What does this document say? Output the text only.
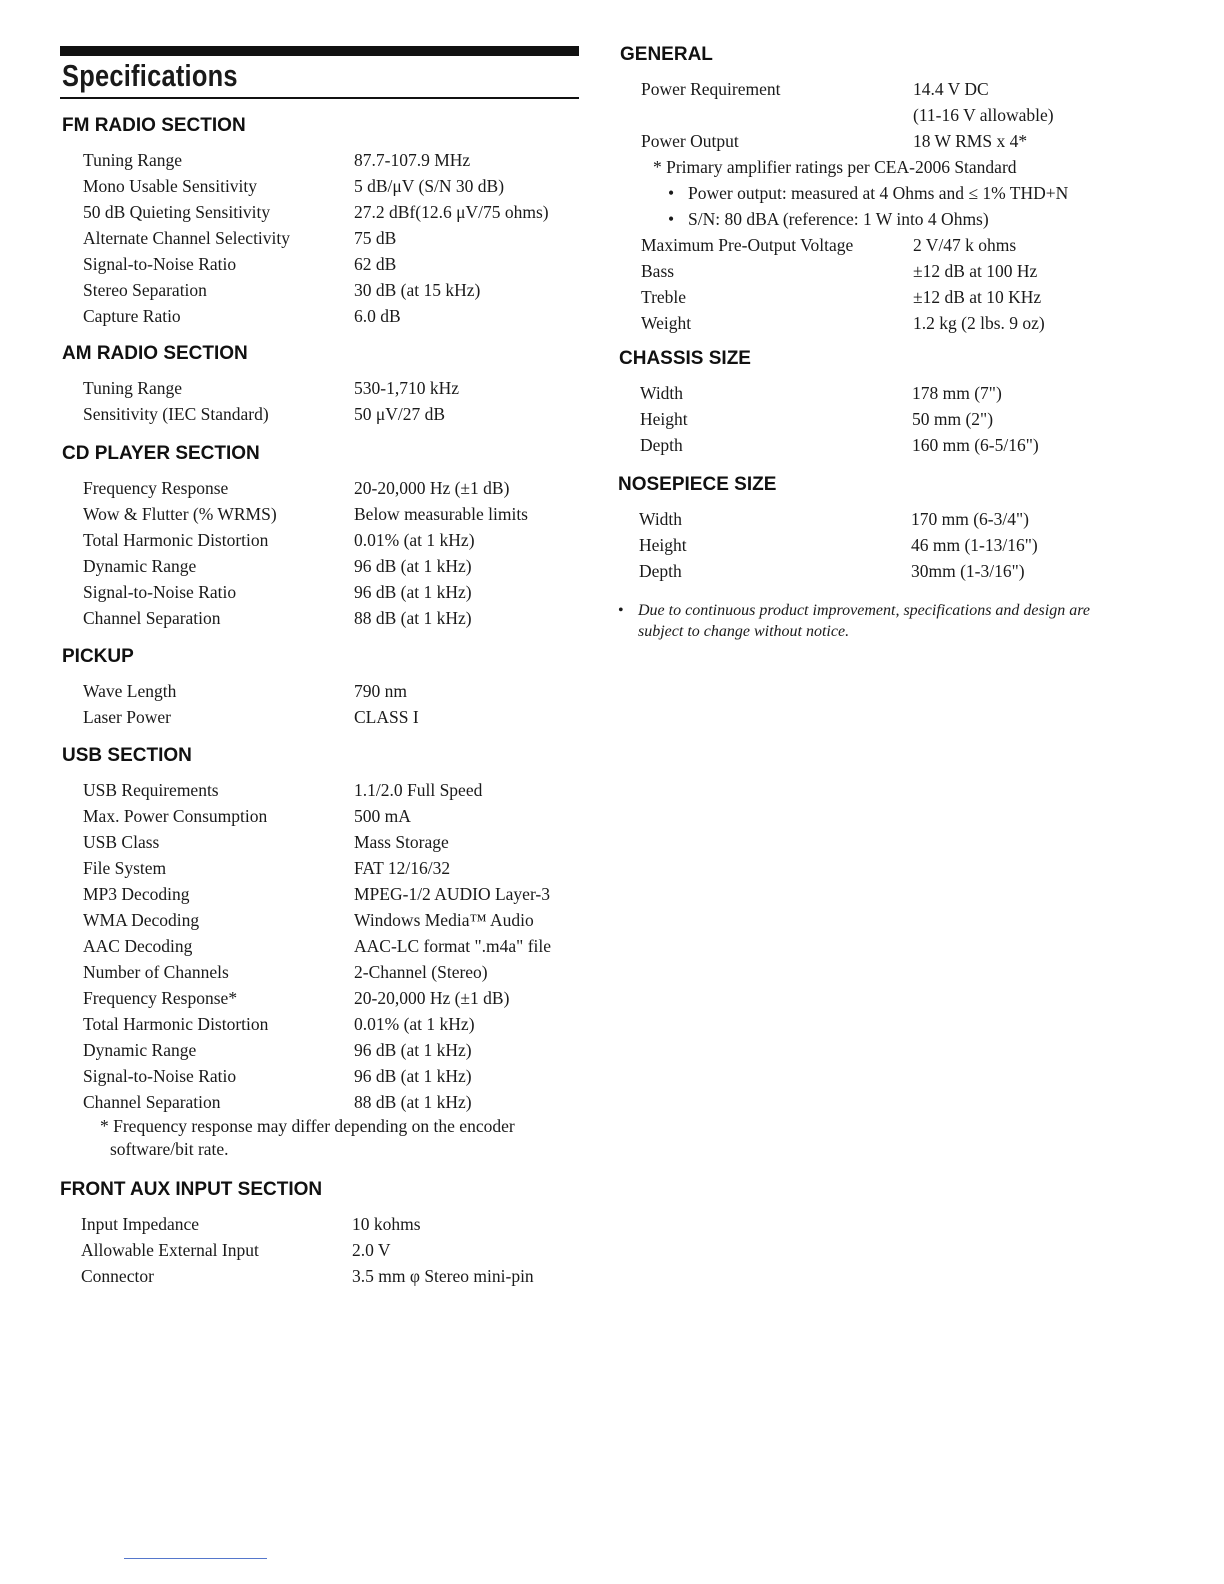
Specifications
FM RADIO SECTION
Tuning Range	87.7-107.9 MHz
Mono Usable Sensitivity	5 dB/μV (S/N 30 dB)
50 dB Quieting Sensitivity	27.2 dBf(12.6 μV/75 ohms)
Alternate Channel Selectivity	75 dB
Signal-to-Noise Ratio	62 dB
Stereo Separation	30 dB (at 15 kHz)
Capture Ratio	6.0 dB
AM RADIO SECTION
Tuning Range	530-1,710 kHz
Sensitivity (IEC Standard)	50 μV/27 dB
CD PLAYER SECTION
Frequency Response	20-20,000 Hz (±1 dB)
Wow & Flutter (% WRMS)	Below measurable limits
Total Harmonic Distortion	0.01% (at 1 kHz)
Dynamic Range	96 dB (at 1 kHz)
Signal-to-Noise Ratio	96 dB (at 1 kHz)
Channel Separation	88 dB (at 1 kHz)
PICKUP
Wave Length	790 nm
Laser Power	CLASS I
USB SECTION
USB Requirements	1.1/2.0 Full Speed
Max. Power Consumption	500 mA
USB Class	Mass Storage
File System	FAT 12/16/32
MP3 Decoding	MPEG-1/2 AUDIO Layer-3
WMA Decoding	Windows Media™ Audio
AAC Decoding	AAC-LC format ".m4a" file
Number of Channels	2-Channel (Stereo)
Frequency Response*	20-20,000 Hz (±1 dB)
Total Harmonic Distortion	0.01% (at 1 kHz)
Dynamic Range	96 dB (at 1 kHz)
Signal-to-Noise Ratio	96 dB (at 1 kHz)
Channel Separation	88 dB (at 1 kHz)
* Frequency response may differ depending on the encoder
software/bit rate.
FRONT AUX INPUT SECTION
Input Impedance	10 kohms
Allowable External Input	2.0 V
Connector	3.5 mm φ Stereo mini-pin
GENERAL
Power Requirement	14.4 V DC
(11-16 V allowable)
Power Output	18 W RMS x 4*
* Primary amplifier ratings per CEA-2006 Standard
• Power output: measured at 4 Ohms and ≤ 1% THD+N
• S/N: 80 dBA (reference: 1 W into 4 Ohms)
Maximum Pre-Output Voltage	2 V/47 k ohms
Bass	±12 dB at 100 Hz
Treble	±12 dB at 10 KHz
Weight	1.2 kg (2 lbs. 9 oz)
CHASSIS SIZE
Width	178 mm (7")
Height	50 mm (2")
Depth	160 mm (6-5/16")
NOSEPIECE SIZE
Width	170 mm (6-3/4")
Height	46 mm (1-13/16")
Depth	30mm (1-3/16")
• Due to continuous product improvement, specifications and design are subject to change without notice.
